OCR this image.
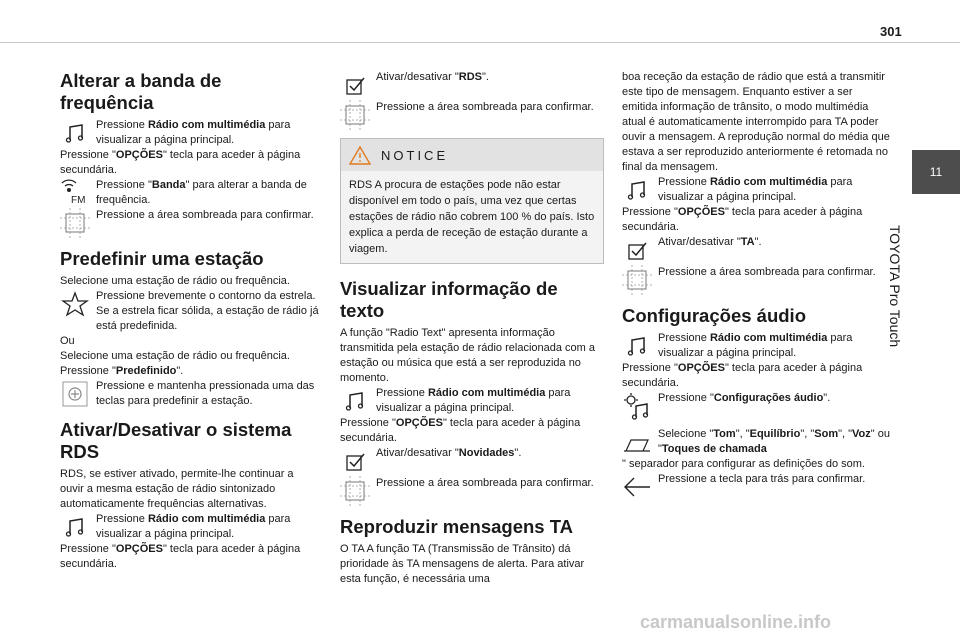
301
11
TOYOTA Pro Touch
Alterar a banda de frequência

Pressione Rádio com multimédia para visualizar a página principal.

Pressione "OPÇÕES" tecla para aceder à página secundária.

FM

Pressione "Banda" para alterar a banda de frequência.

Pressione a área sombreada para confirmar.

Predefinir uma estação

Selecione uma estação de rádio ou frequência.

Pressione brevemente o contorno da estrela. Se a estrela ficar sólida, a estação de rádio já está predefinida.

Ou

Selecione uma estação de rádio ou frequência.

Pressione "Predefinido".

Pressione e mantenha pressionada uma das teclas para predefinir a estação.

Ativar/Desativar o sistema RDS

RDS, se estiver ativado, permite-lhe continuar a ouvir a mesma estação de rádio sintonizado automaticamente frequências alternativas.

Pressione Rádio com multimédia para visualizar a página principal.

Pressione "OPÇÕES" tecla para aceder à página secundária.

Ativar/desativar "RDS".

Pressione a área sombreada para confirmar.

NOTICE
RDS A procura de estações pode não estar disponível em todo o país, uma vez que certas estações de rádio não cobrem 100 % do país. Isto explica a perda de receção de estação durante a viagem.
Visualizar informação de texto

A função "Radio Text" apresenta informação transmitida pela estação de rádio relacionada com a estação ou música que está a ser reproduzida no momento.

Pressione Rádio com multimédia para visualizar a página principal.

Pressione "OPÇÕES" tecla para aceder à página secundária.

Ativar/desativar "Novidades".

Pressione a área sombreada para confirmar.

Reproduzir mensagens TA

O TA A função TA (Transmissão de Trânsito) dá prioridade às TA mensagens de alerta. Para ativar esta função, é necessária uma

boa receção da estação de rádio que está a transmitir este tipo de mensagem. Enquanto estiver a ser emitida informação de trânsito, o modo multimédia atual é automaticamente interrompido para TA poder ouvir a mensagem. A reprodução normal do média que estava a ser reproduzido anteriormente é retomada no final da mensagem.

Pressione Rádio com multimédia para visualizar a página principal.

Pressione "OPÇÕES" tecla para aceder à página secundária.

Ativar/desativar "TA".

Pressione a área sombreada para confirmar.

Configurações áudio

Pressione Rádio com multimédia para visualizar a página principal.

Pressione "OPÇÕES" tecla para aceder à página secundária.

Pressione "Configurações áudio".

Selecione "Tom", "Equilíbrio", "Som", "Voz" ou "Toques de chamada

" separador para configurar as definições do som.

Pressione a tecla para trás para confirmar.

carmanualsonline.info
